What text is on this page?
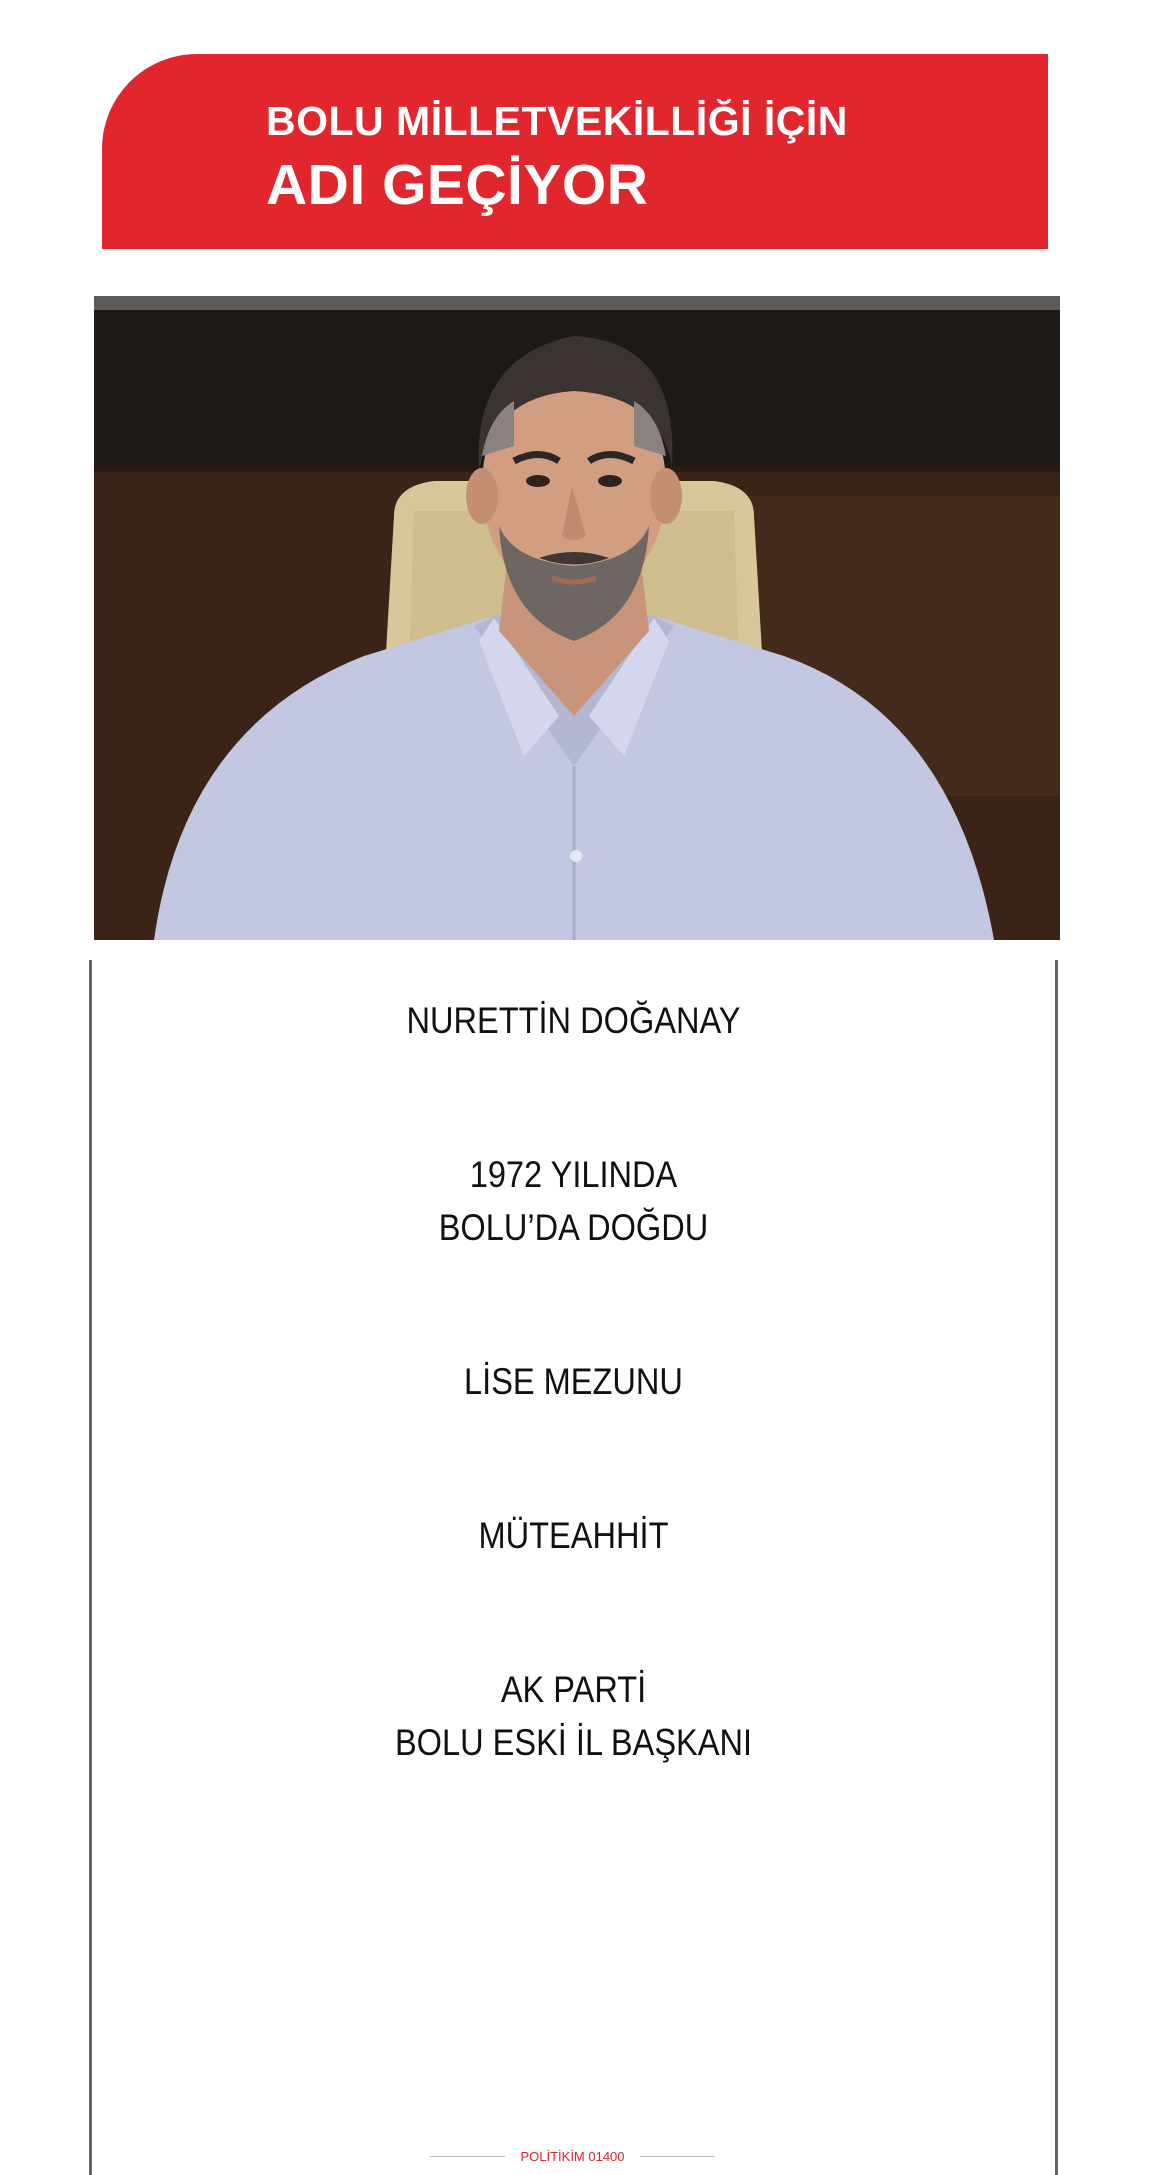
BOLU MİLLETVEKİLLİĞİ İÇİN
ADI GEÇİYOR
NURETTİN DOĞANAY
1972 YILINDA
BOLU’DA DOĞDU
LİSE MEZUNU
MÜTEAHHİT
AK PARTİ
BOLU ESKİ İL BAŞKANI
POLİTİKİM 01400
